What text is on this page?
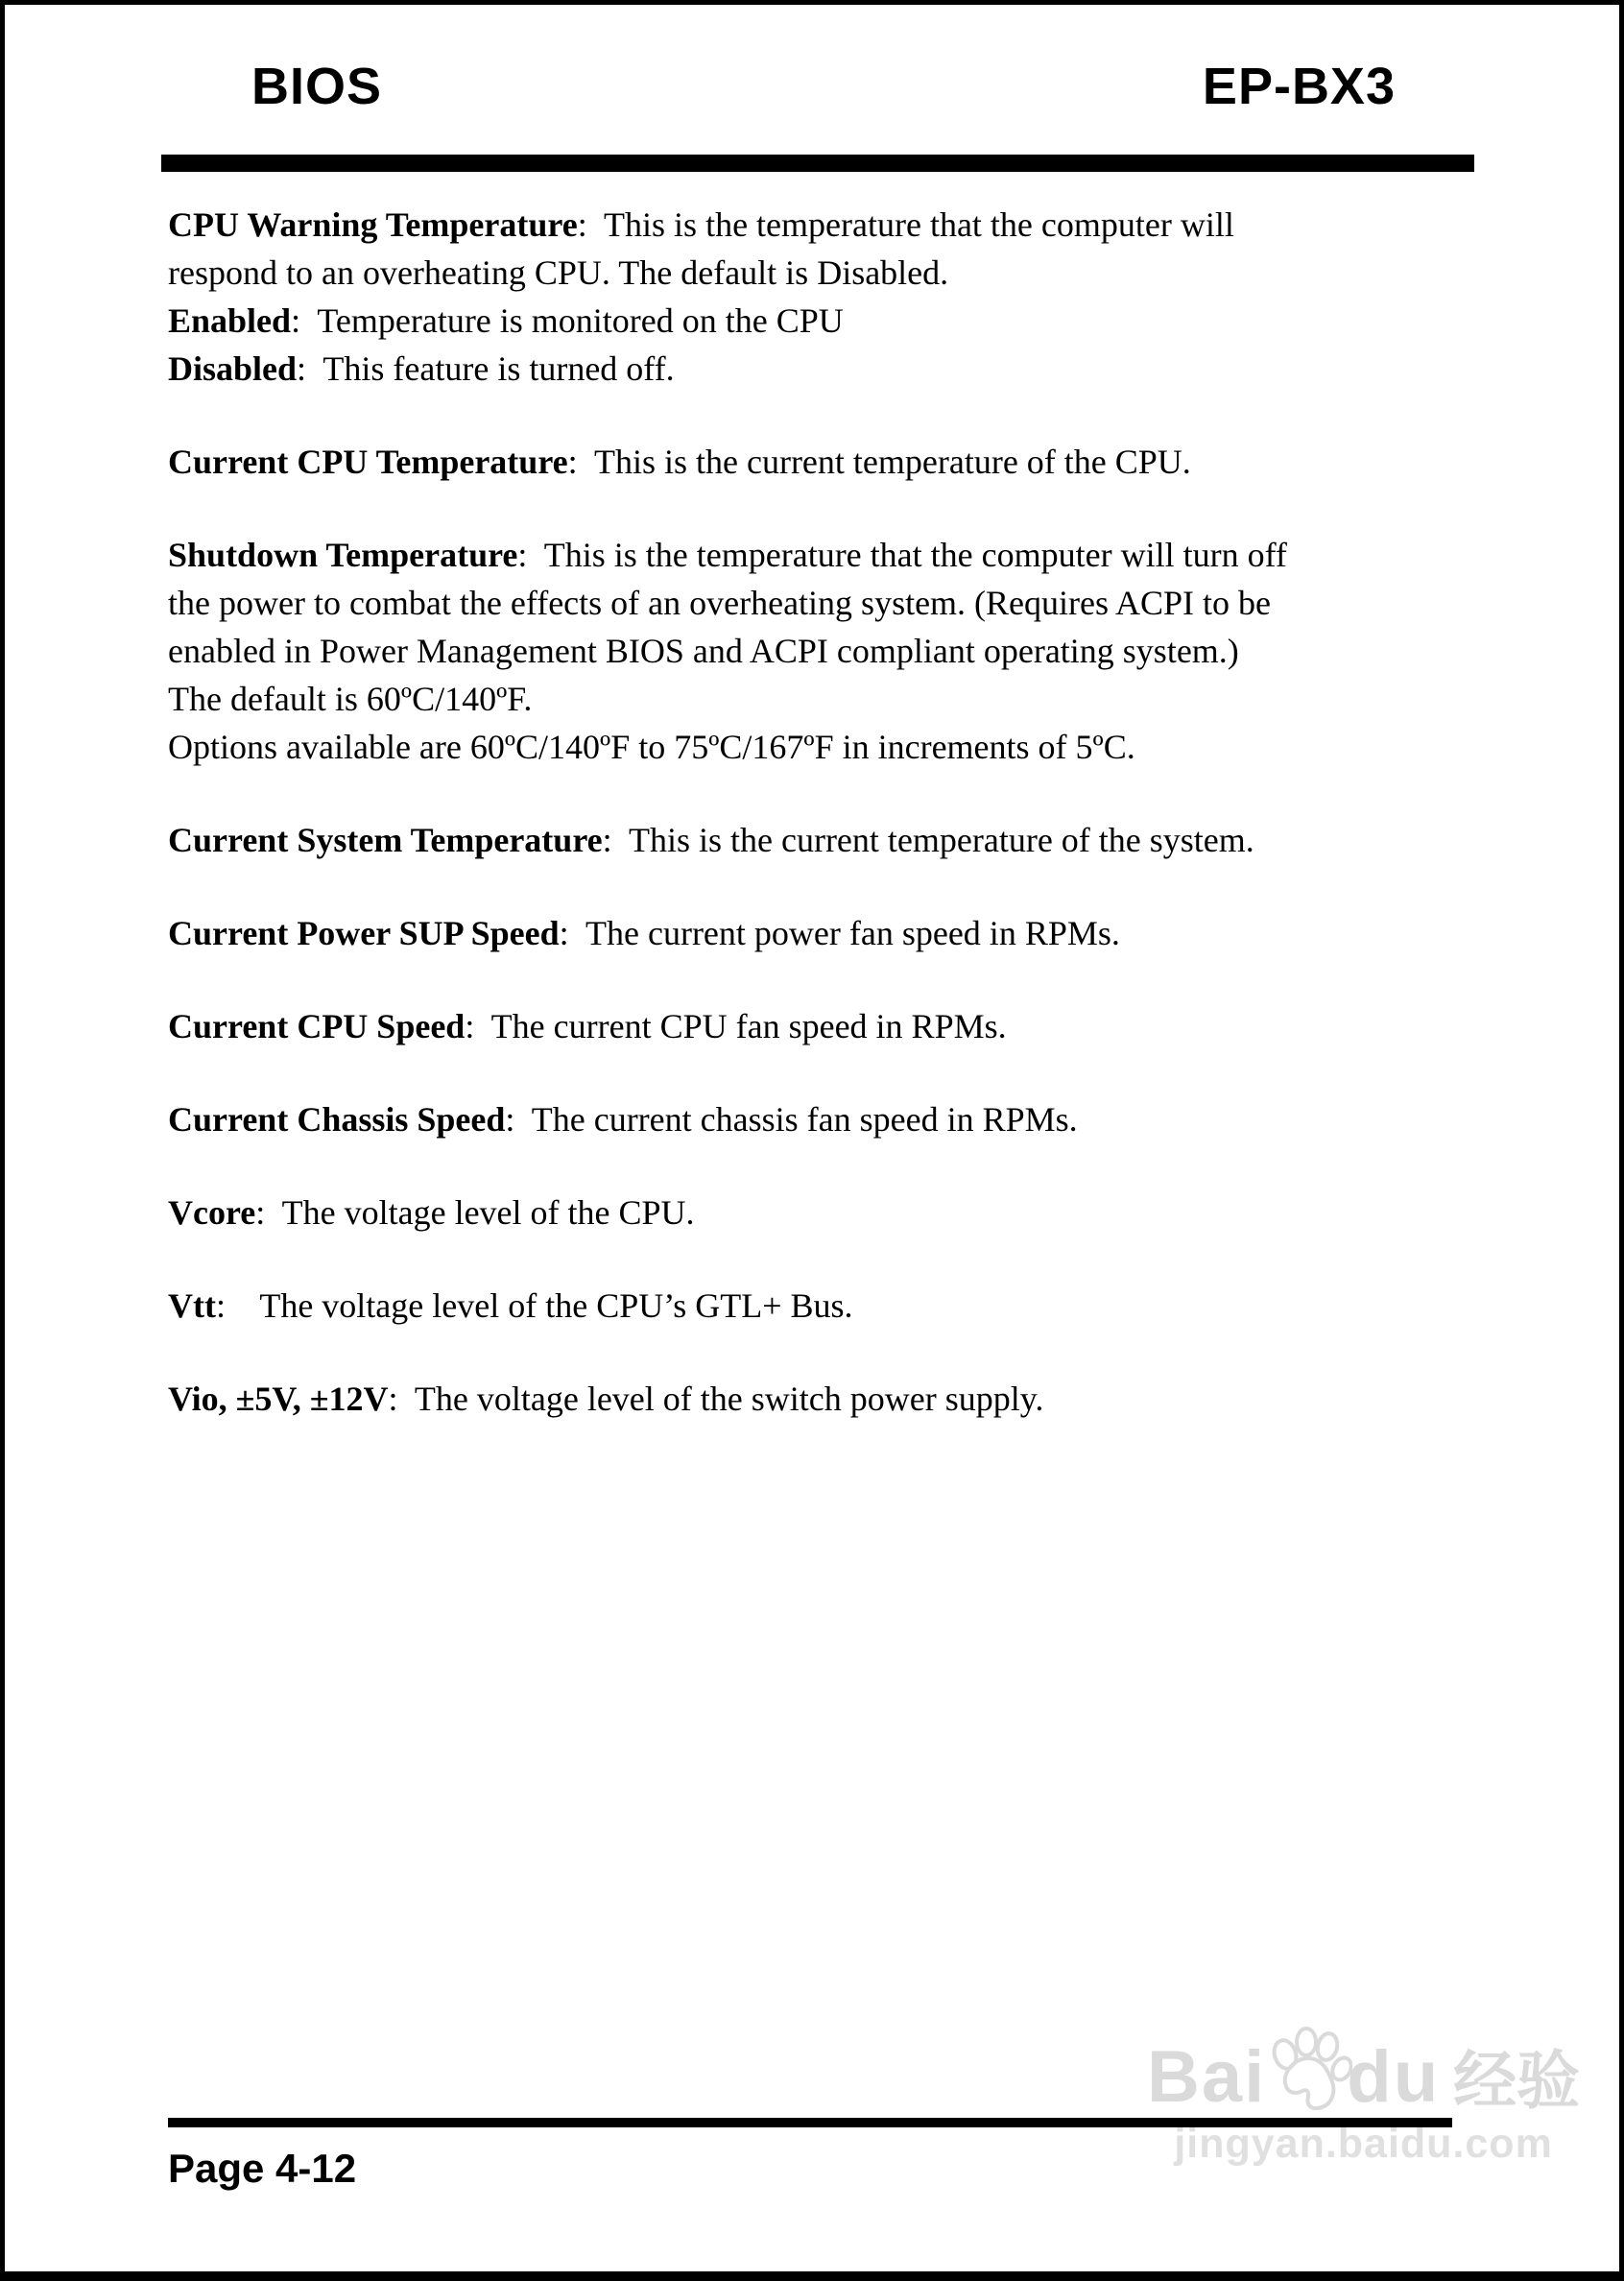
BIOS	EP-BX3

CPU Warning Temperature:  This is the temperature that the computer will
respond to an overheating CPU. The default is Disabled.
Enabled:  Temperature is monitored on the CPU
Disabled:  This feature is turned off.

Current CPU Temperature:  This is the current temperature of the CPU.

Shutdown Temperature:  This is the temperature that the computer will turn off
the power to combat the effects of an overheating system. (Requires ACPI to be
enabled in Power Management BIOS and ACPI compliant operating system.)
The default is 60ºC/140ºF.
Options available are 60ºC/140ºF to 75ºC/167ºF in increments of 5ºC.

Current System Temperature:  This is the current temperature of the system.

Current Power SUP Speed:  The current power fan speed in RPMs.

Current CPU Speed:  The current CPU fan speed in RPMs.

Current Chassis Speed:  The current chassis fan speed in RPMs.

Vcore:  The voltage level of the CPU.

Vtt:    The voltage level of the CPU’s GTL+ Bus.

Vio, ±5V, ±12V:  The voltage level of the switch power supply.

Page 4-12
Bai du 经验
jingyan.baidu.com
